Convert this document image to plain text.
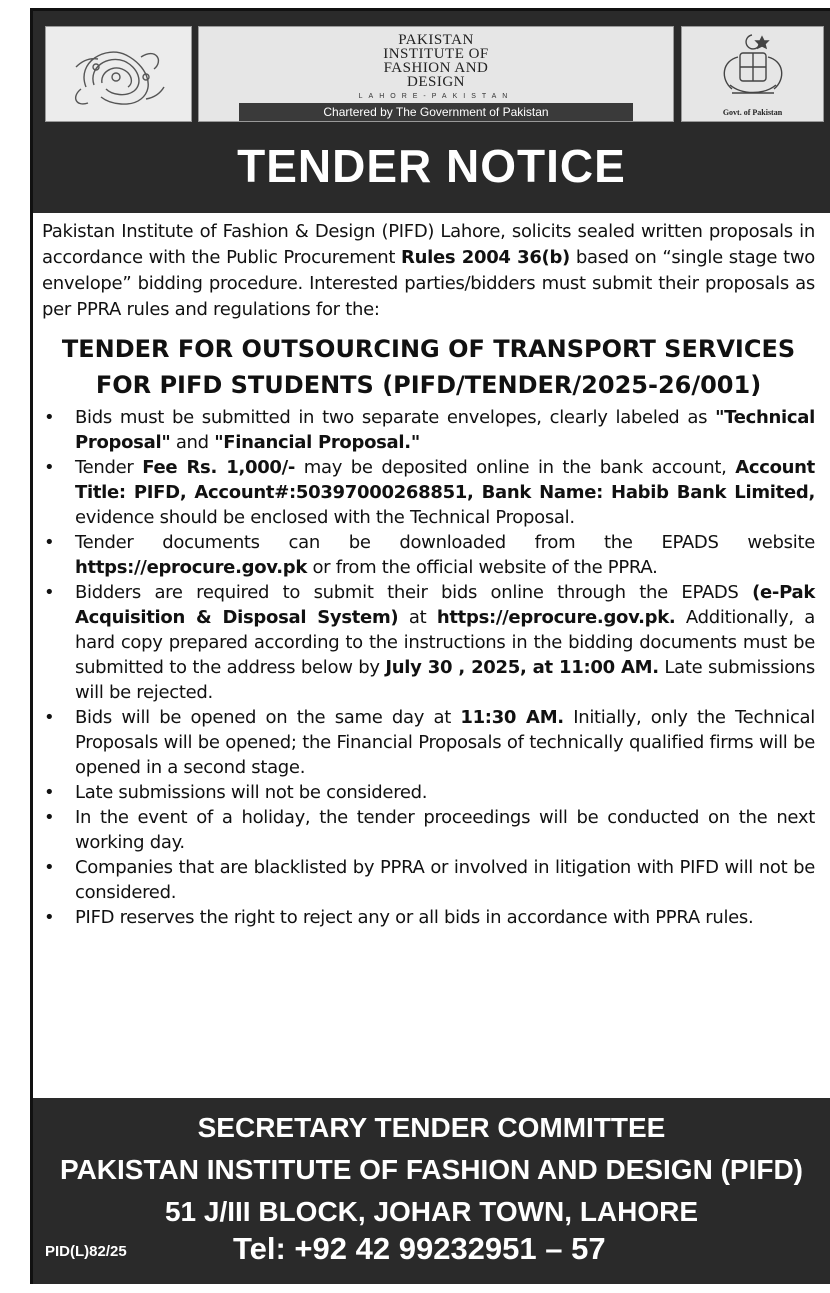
PAKISTAN
INSTITUTE OF
FASHION AND
DESIGN
LAHORE-PAKISTAN
Chartered by The Government of Pakistan	Govt. of Pakistan
TENDER NOTICE

Pakistan Institute of Fashion & Design (PIFD) Lahore, solicits sealed written proposals in accordance with the Public Procurement Rules 2004 36(b) based on “single stage two envelope” bidding procedure. Interested parties/bidders must submit their proposals as per PPRA rules and regulations for the:

TENDER FOR OUTSOURCING OF TRANSPORT SERVICES FOR PIFD STUDENTS (PIFD/TENDER/2025-26/001)
• Bids must be submitted in two separate envelopes, clearly labeled as "Technical Proposal" and "Financial Proposal."
• Tender Fee Rs. 1,000/- may be deposited online in the bank account, Account Title: PIFD, Account#:50397000268851, Bank Name: Habib Bank Limited, evidence should be enclosed with the Technical Proposal.
• Tender documents can be downloaded from the EPADS website https://eprocure.gov.pk or from the official website of the PPRA.
• Bidders are required to submit their bids online through the EPADS (e-Pak Acquisition & Disposal System) at https://eprocure.gov.pk. Additionally, a hard copy prepared according to the instructions in the bidding documents must be submitted to the address below by July 30 , 2025, at 11:00 AM. Late submissions will be rejected.
• Bids will be opened on the same day at 11:30 AM. Initially, only the Technical Proposals will be opened; the Financial Proposals of technically qualified firms will be opened in a second stage.
• Late submissions will not be considered.
• In the event of a holiday, the tender proceedings will be conducted on the next working day.
• Companies that are blacklisted by PPRA or involved in litigation with PIFD will not be considered.
• PIFD reserves the right to reject any or all bids in accordance with PPRA rules.
SECRETARY TENDER COMMITTEE
PAKISTAN INSTITUTE OF FASHION AND DESIGN (PIFD)
51 J/III BLOCK, JOHAR TOWN, LAHORE
PID(L)82/25	Tel: +92 42 99232951 – 57
